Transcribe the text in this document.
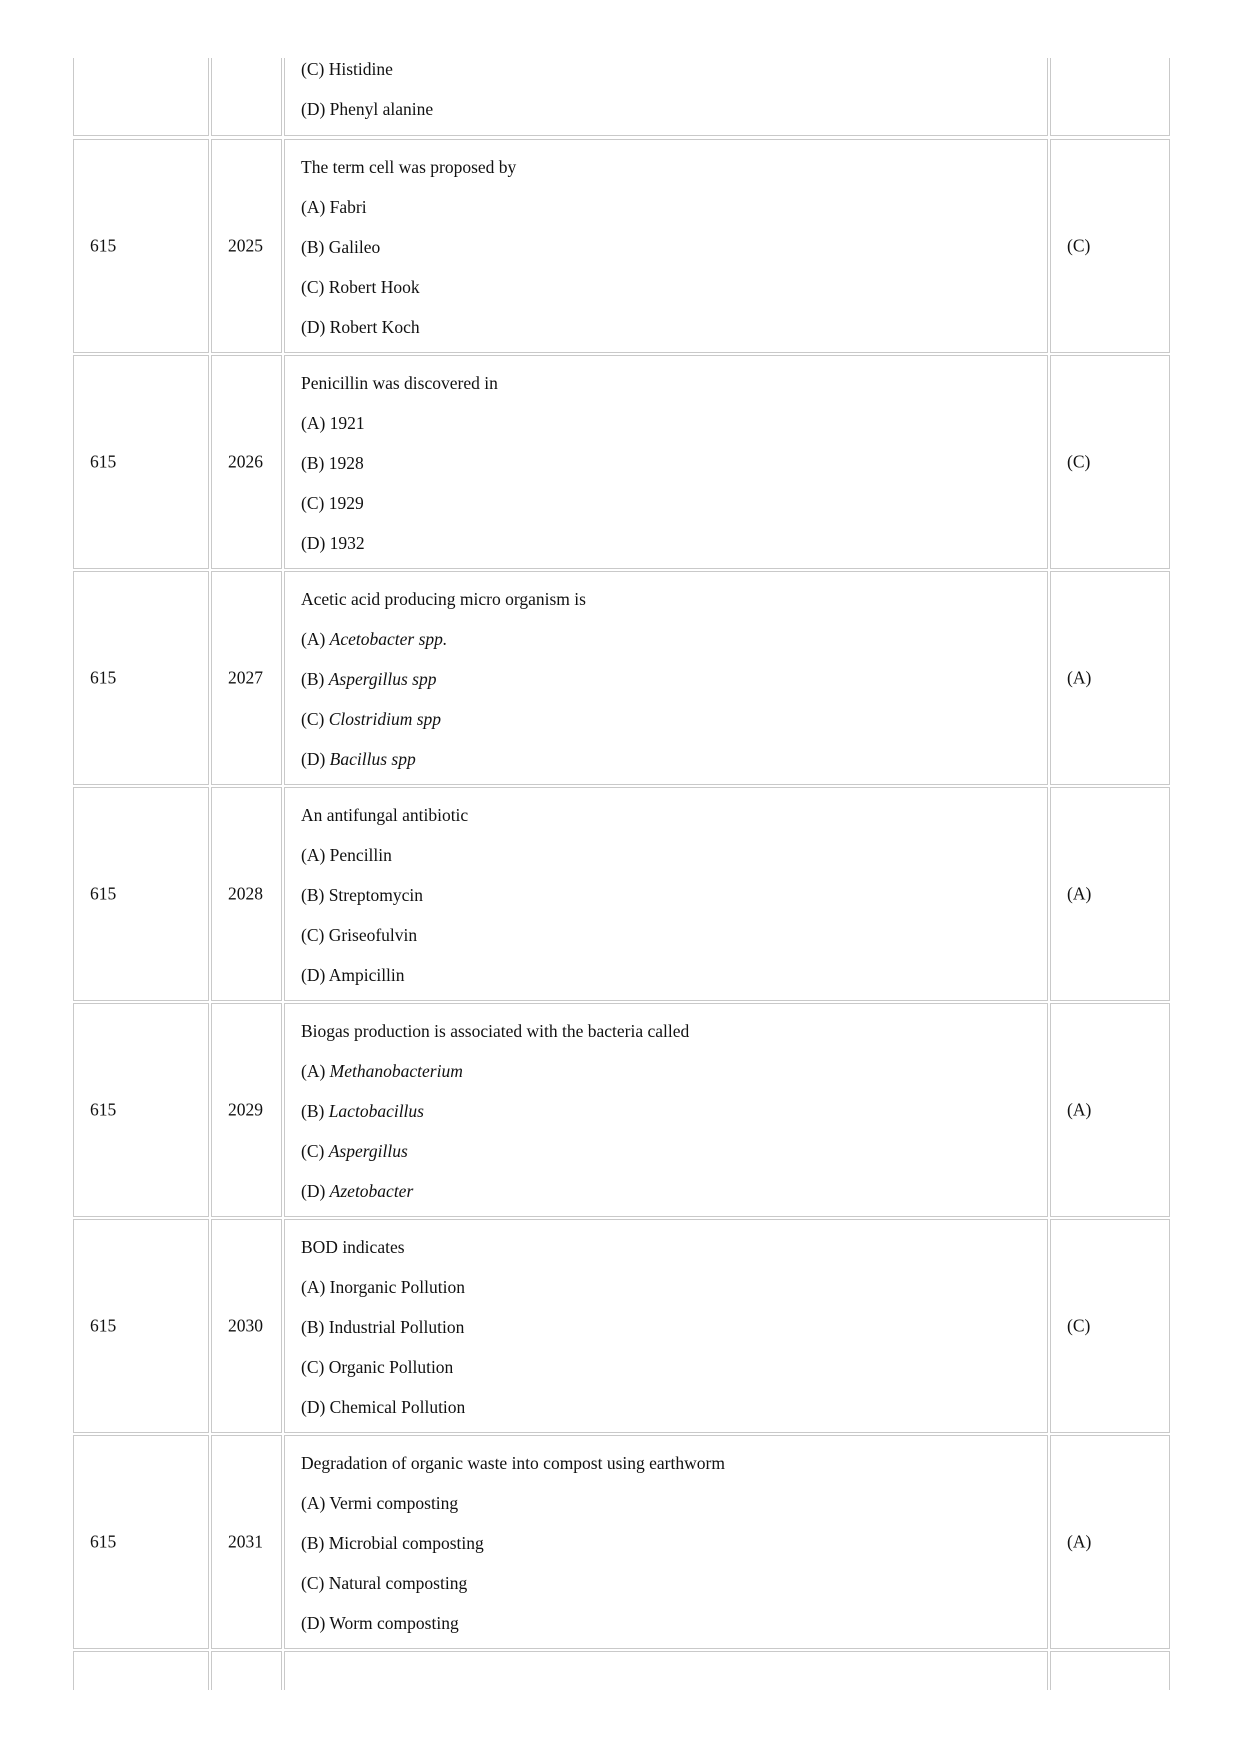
(C) Histidine
(D) Phenyl alanine
615	2025
The term cell was proposed by
(A) Fabri
(B) Galileo
(C) Robert Hook
(D) Robert Koch
(C)
615	2026
Penicillin was discovered in
(A) 1921
(B) 1928
(C) 1929
(D) 1932
(C)
615	2027
Acetic acid producing micro organism is
(A) Acetobacter spp.
(B) Aspergillus spp
(C) Clostridium spp
(D) Bacillus spp
(A)
615	2028
An antifungal antibiotic
(A) Pencillin
(B) Streptomycin
(C) Griseofulvin
(D) Ampicillin
(A)
615	2029
Biogas production is associated with the bacteria called
(A) Methanobacterium
(B) Lactobacillus
(C) Aspergillus
(D) Azetobacter
(A)
615	2030
BOD indicates
(A) Inorganic Pollution
(B) Industrial Pollution
(C) Organic Pollution
(D) Chemical Pollution
(C)
615	2031
Degradation of organic waste into compost using earthworm
(A) Vermi composting
(B) Microbial composting
(C) Natural composting
(D) Worm composting
(A)
